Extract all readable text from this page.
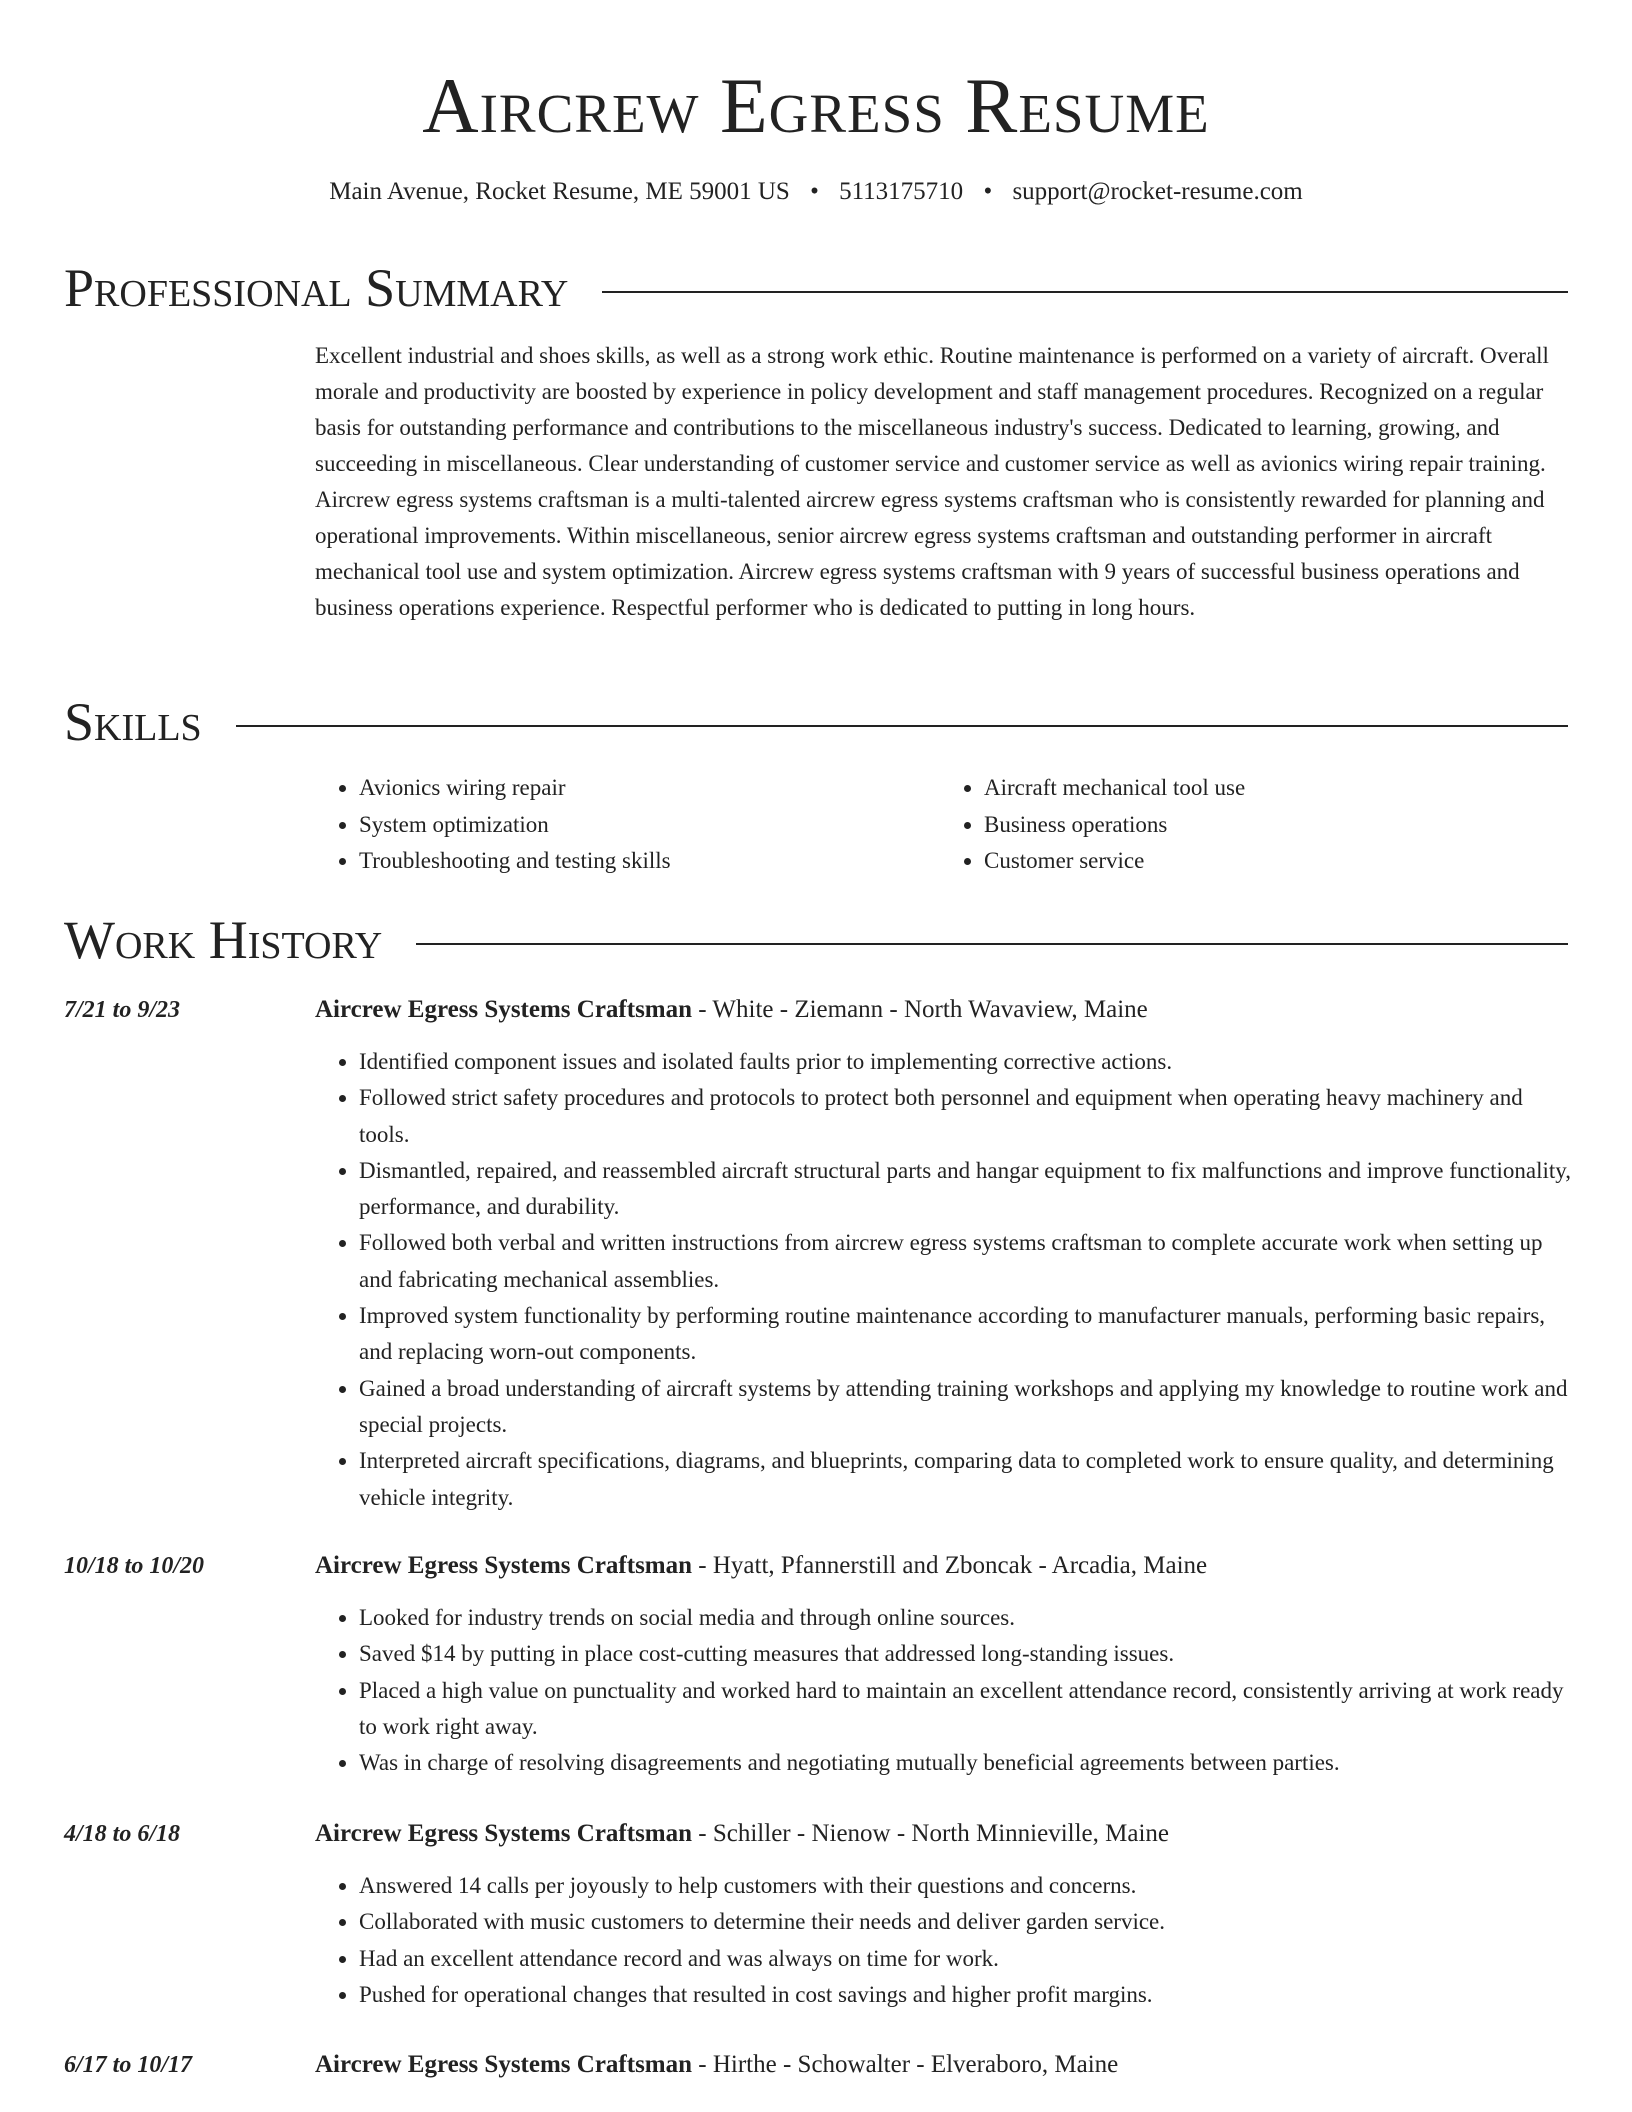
Aircrew Egress Resume
Main Avenue, Rocket Resume, ME 59001 US • 5113175710 • support@rocket-resume.com
Professional Summary

Excellent industrial and shoes skills, as well as a strong work ethic. Routine maintenance is performed on a variety of aircraft. Overall morale and productivity are boosted by experience in policy development and staff management procedures. Recognized on a regular basis for outstanding performance and contributions to the miscellaneous industry's success. Dedicated to learning, growing, and succeeding in miscellaneous. Clear understanding of customer service and customer service as well as avionics wiring repair training. Aircrew egress systems craftsman is a multi-talented aircrew egress systems craftsman who is consistently rewarded for planning and operational improvements. Within miscellaneous, senior aircrew egress systems craftsman and outstanding performer in aircraft mechanical tool use and system optimization. Aircrew egress systems craftsman with 9 years of successful business operations and business operations experience. Respectful performer who is dedicated to putting in long hours.

Skills
• Avionics wiring repair
• System optimization
• Troubleshooting and testing skills
• Aircraft mechanical tool use
• Business operations
• Customer service
Work History
7/21 to 9/23	Aircrew Egress Systems Craftsman - White - Ziemann - North Wavaview, Maine
• Identified component issues and isolated faults prior to implementing corrective actions.
• Followed strict safety procedures and protocols to protect both personnel and equipment when operating heavy machinery and tools.
• Dismantled, repaired, and reassembled aircraft structural parts and hangar equipment to fix malfunctions and improve functionality, performance, and durability.
• Followed both verbal and written instructions from aircrew egress systems craftsman to complete accurate work when setting up and fabricating mechanical assemblies.
• Improved system functionality by performing routine maintenance according to manufacturer manuals, performing basic repairs, and replacing worn-out components.
• Gained a broad understanding of aircraft systems by attending training workshops and applying my knowledge to routine work and special projects.
• Interpreted aircraft specifications, diagrams, and blueprints, comparing data to completed work to ensure quality, and determining vehicle integrity.
10/18 to 10/20	Aircrew Egress Systems Craftsman - Hyatt, Pfannerstill and Zboncak - Arcadia, Maine
• Looked for industry trends on social media and through online sources.
• Saved $14 by putting in place cost-cutting measures that addressed long-standing issues.
• Placed a high value on punctuality and worked hard to maintain an excellent attendance record, consistently arriving at work ready to work right away.
• Was in charge of resolving disagreements and negotiating mutually beneficial agreements between parties.
4/18 to 6/18	Aircrew Egress Systems Craftsman - Schiller - Nienow - North Minnieville, Maine
• Answered 14 calls per joyously to help customers with their questions and concerns.
• Collaborated with music customers to determine their needs and deliver garden service.
• Had an excellent attendance record and was always on time for work.
• Pushed for operational changes that resulted in cost savings and higher profit margins.
6/17 to 10/17	Aircrew Egress Systems Craftsman - Hirthe - Schowalter - Elveraboro, Maine
